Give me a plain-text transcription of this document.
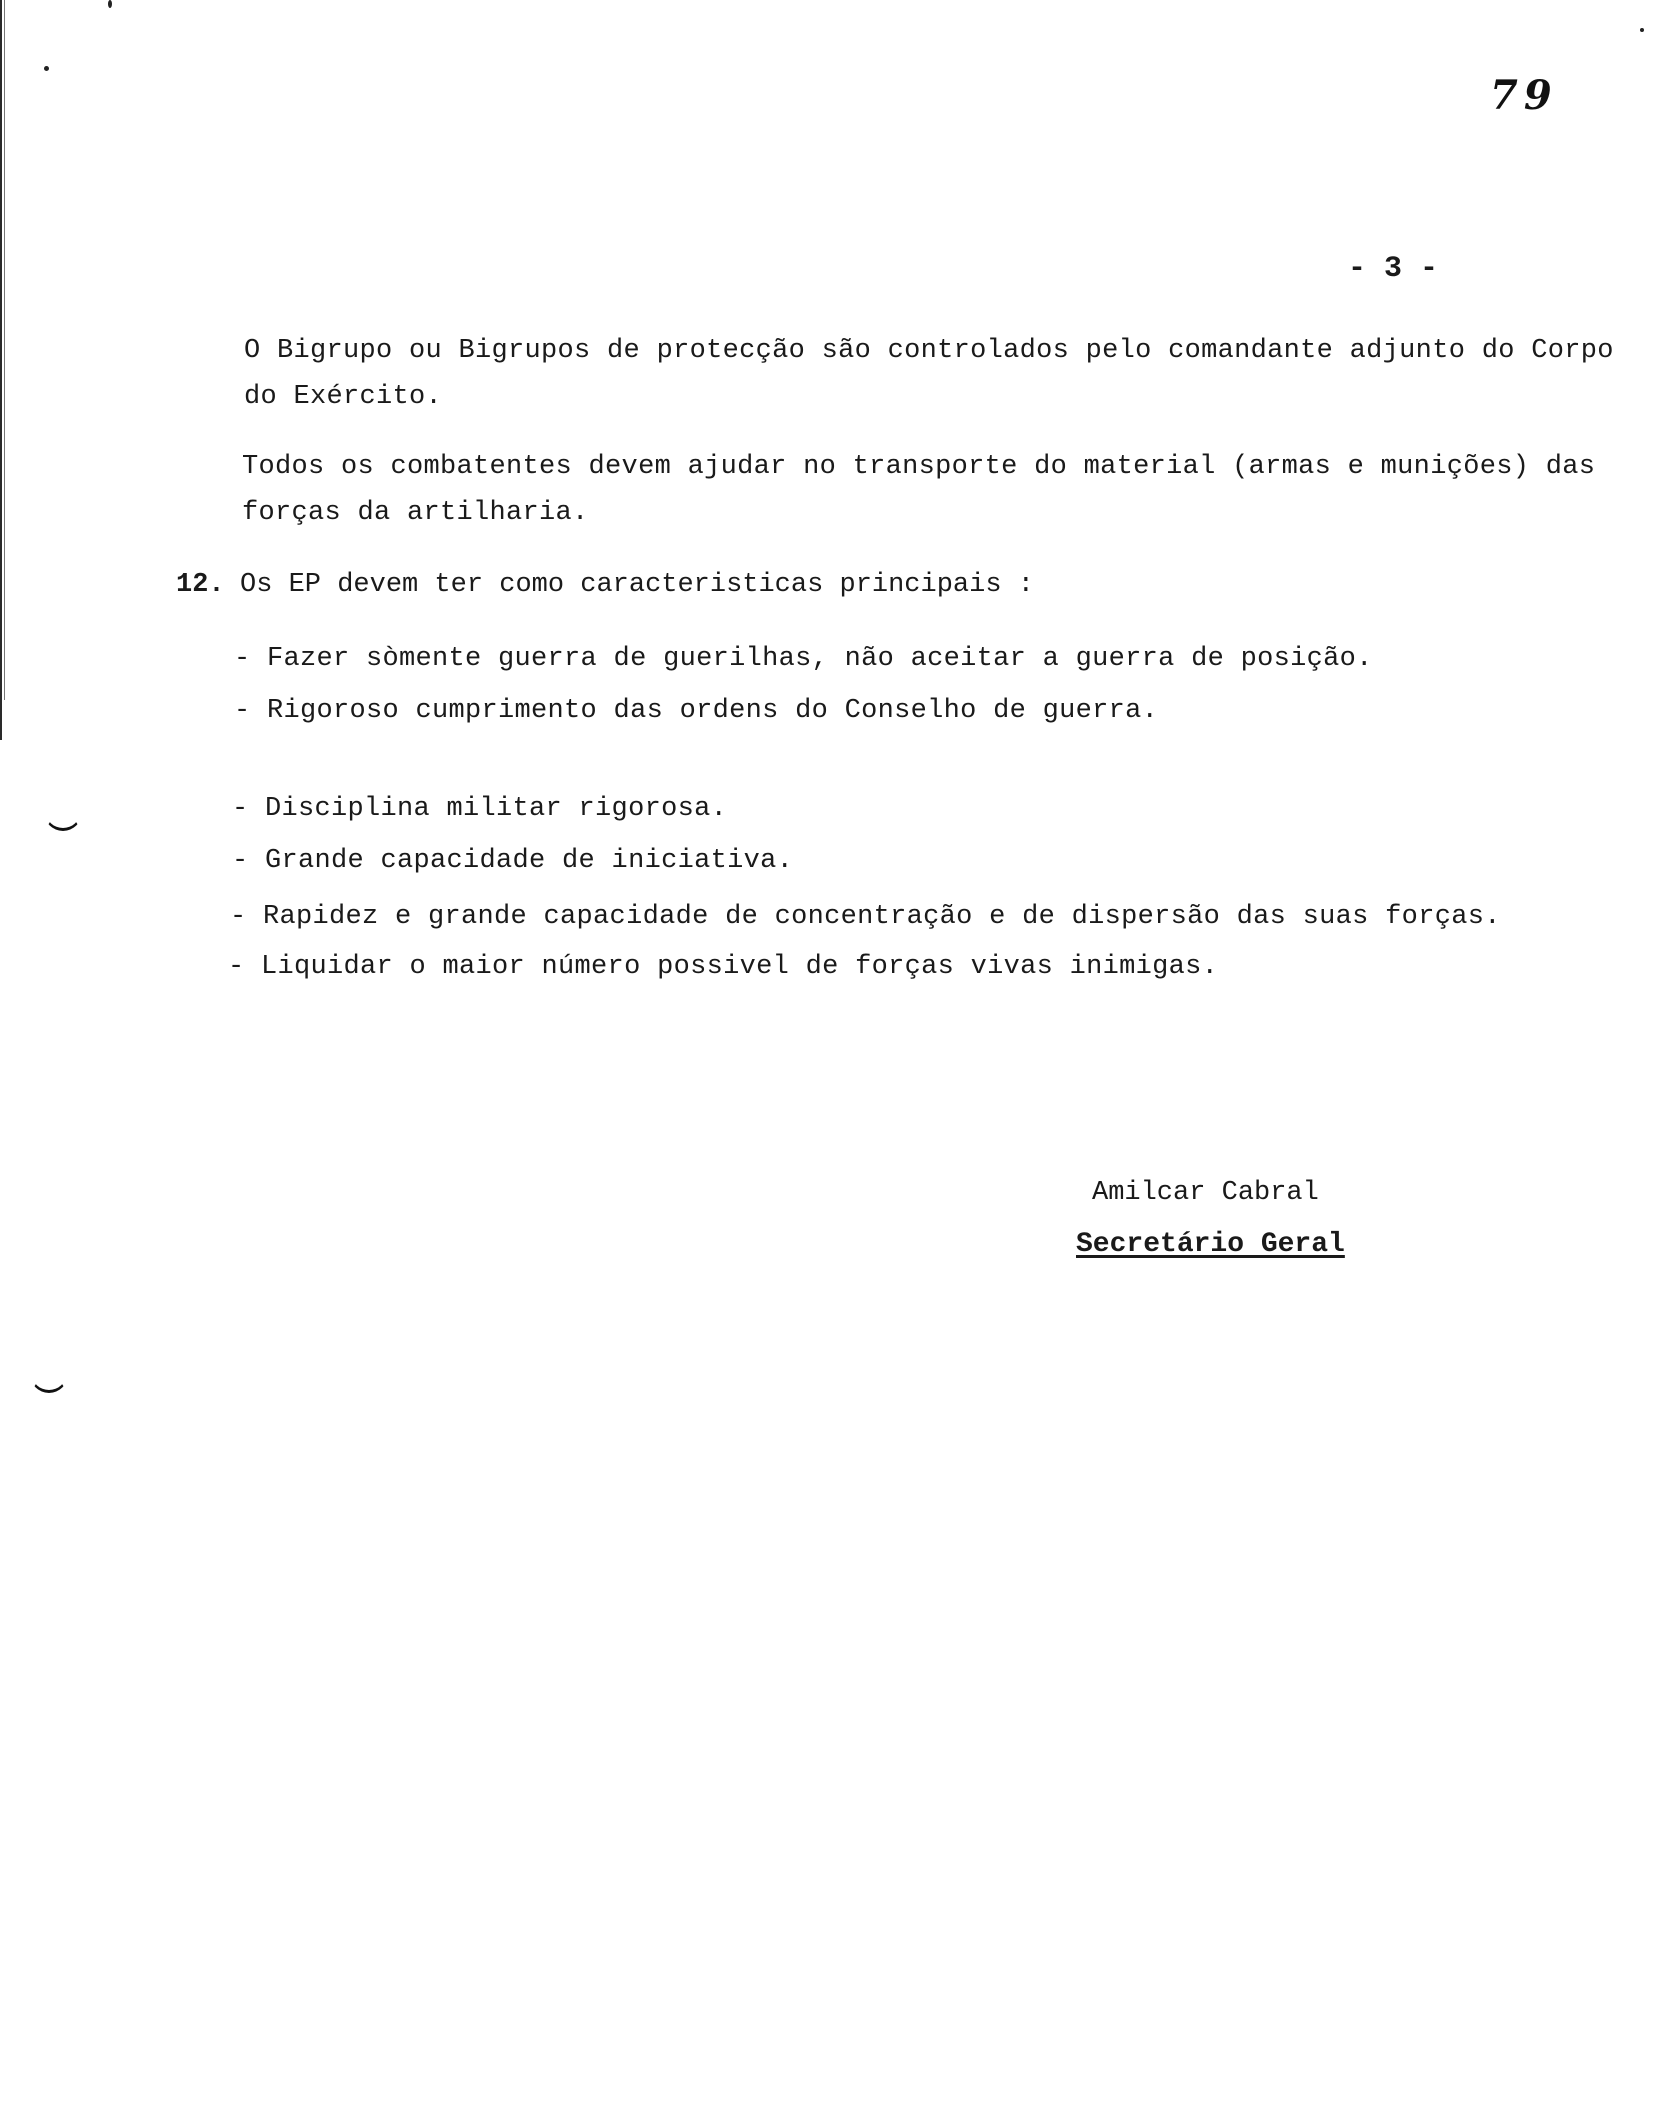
79
- 3 -
O Bigrupo ou Bigrupos de protecção são controlados pelo comandante adjunto do Corpo
do Exército.
Todos os combatentes devem ajudar no transporte do material (armas e munições) das
forças da artilharia.
12. Os EP devem ter como caracteristicas principais :
- Fazer sòmente guerra de guerilhas, não aceitar a guerra de posição.
- Rigoroso cumprimento das ordens do Conselho de guerra.
- Disciplina militar rigorosa.
- Grande capacidade de iniciativa.
- Rapidez e grande capacidade de concentração e de dispersão das suas forças.
- Liquidar o maior número possivel de forças vivas inimigas.
Amilcar Cabral
Secretário Geral
